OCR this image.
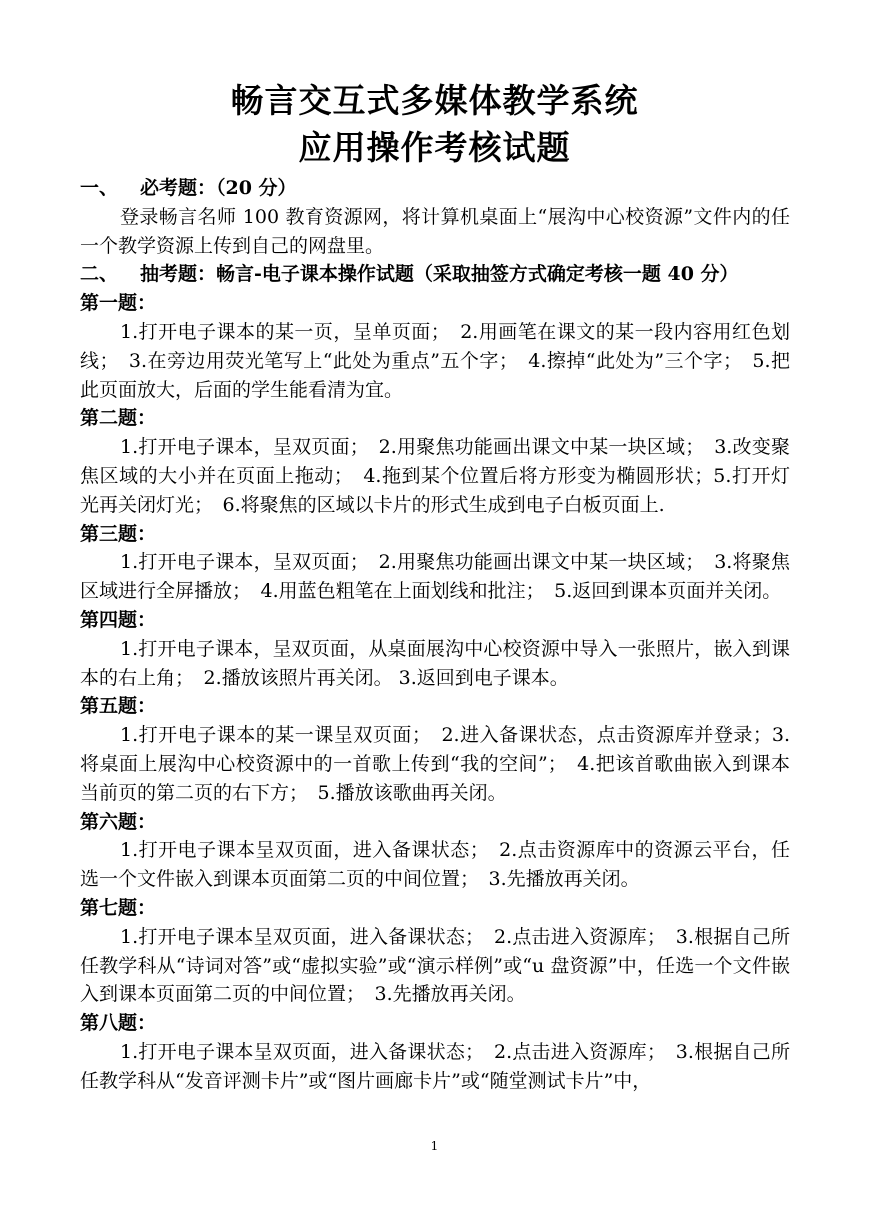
畅言交互式多媒体教学系统
应用操作考核试题
一、 必考题：（20 分）
登录畅言名师 100 教育资源网，将计算机桌面上“展沟中心校资源”文件内的任一个教学资源上传到自己的网盘里。
二、 抽考题：畅言-电子课本操作试题（采取抽签方式确定考核一题 40 分）
第一题：
1.打开电子课本的某一页，呈单页面；　2.用画笔在课文的某一段内容用红色划线；　3.在旁边用荧光笔写上“此处为重点”五个字；　4.擦掉“此处为”三个字；　5.把此页面放大，后面的学生能看清为宜。
第二题：
1.打开电子课本，呈双页面；　2.用聚焦功能画出课文中某一块区域；　3.改变聚焦区域的大小并在页面上拖动；　4.拖到某个位置后将方形变为椭圆形状；5.打开灯光再关闭灯光；　6.将聚焦的区域以卡片的形式生成到电子白板页面上.
第三题：
1.打开电子课本，呈双页面；　2.用聚焦功能画出课文中某一块区域；　3.将聚焦区域进行全屏播放；　4.用蓝色粗笔在上面划线和批注；　5.返回到课本页面并关闭。
第四题：
1.打开电子课本，呈双页面，从桌面展沟中心校资源中导入一张照片，嵌入到课本的右上角；　2.播放该照片再关闭。 3.返回到电子课本。
第五题：
1.打开电子课本的某一课呈双页面；　2.进入备课状态，点击资源库并登录；3.将桌面上展沟中心校资源中的一首歌上传到“我的空间”；　4.把该首歌曲嵌入到课本当前页的第二页的右下方；　5.播放该歌曲再关闭。
第六题：
1.打开电子课本呈双页面，进入备课状态；　2.点击资源库中的资源云平台，任选一个文件嵌入到课本页面第二页的中间位置；　3.先播放再关闭。
第七题：
1.打开电子课本呈双页面，进入备课状态；　2.点击进入资源库；　3.根据自己所任教学科从“诗词对答”或“虚拟实验”或“演示样例”或“u 盘资源”中，任选一个文件嵌入到课本页面第二页的中间位置；　3.先播放再关闭。
第八题：
1.打开电子课本呈双页面，进入备课状态；　2.点击进入资源库；　3.根据自己所任教学科从“发音评测卡片”或“图片画廊卡片”或“随堂测试卡片”中，
1
